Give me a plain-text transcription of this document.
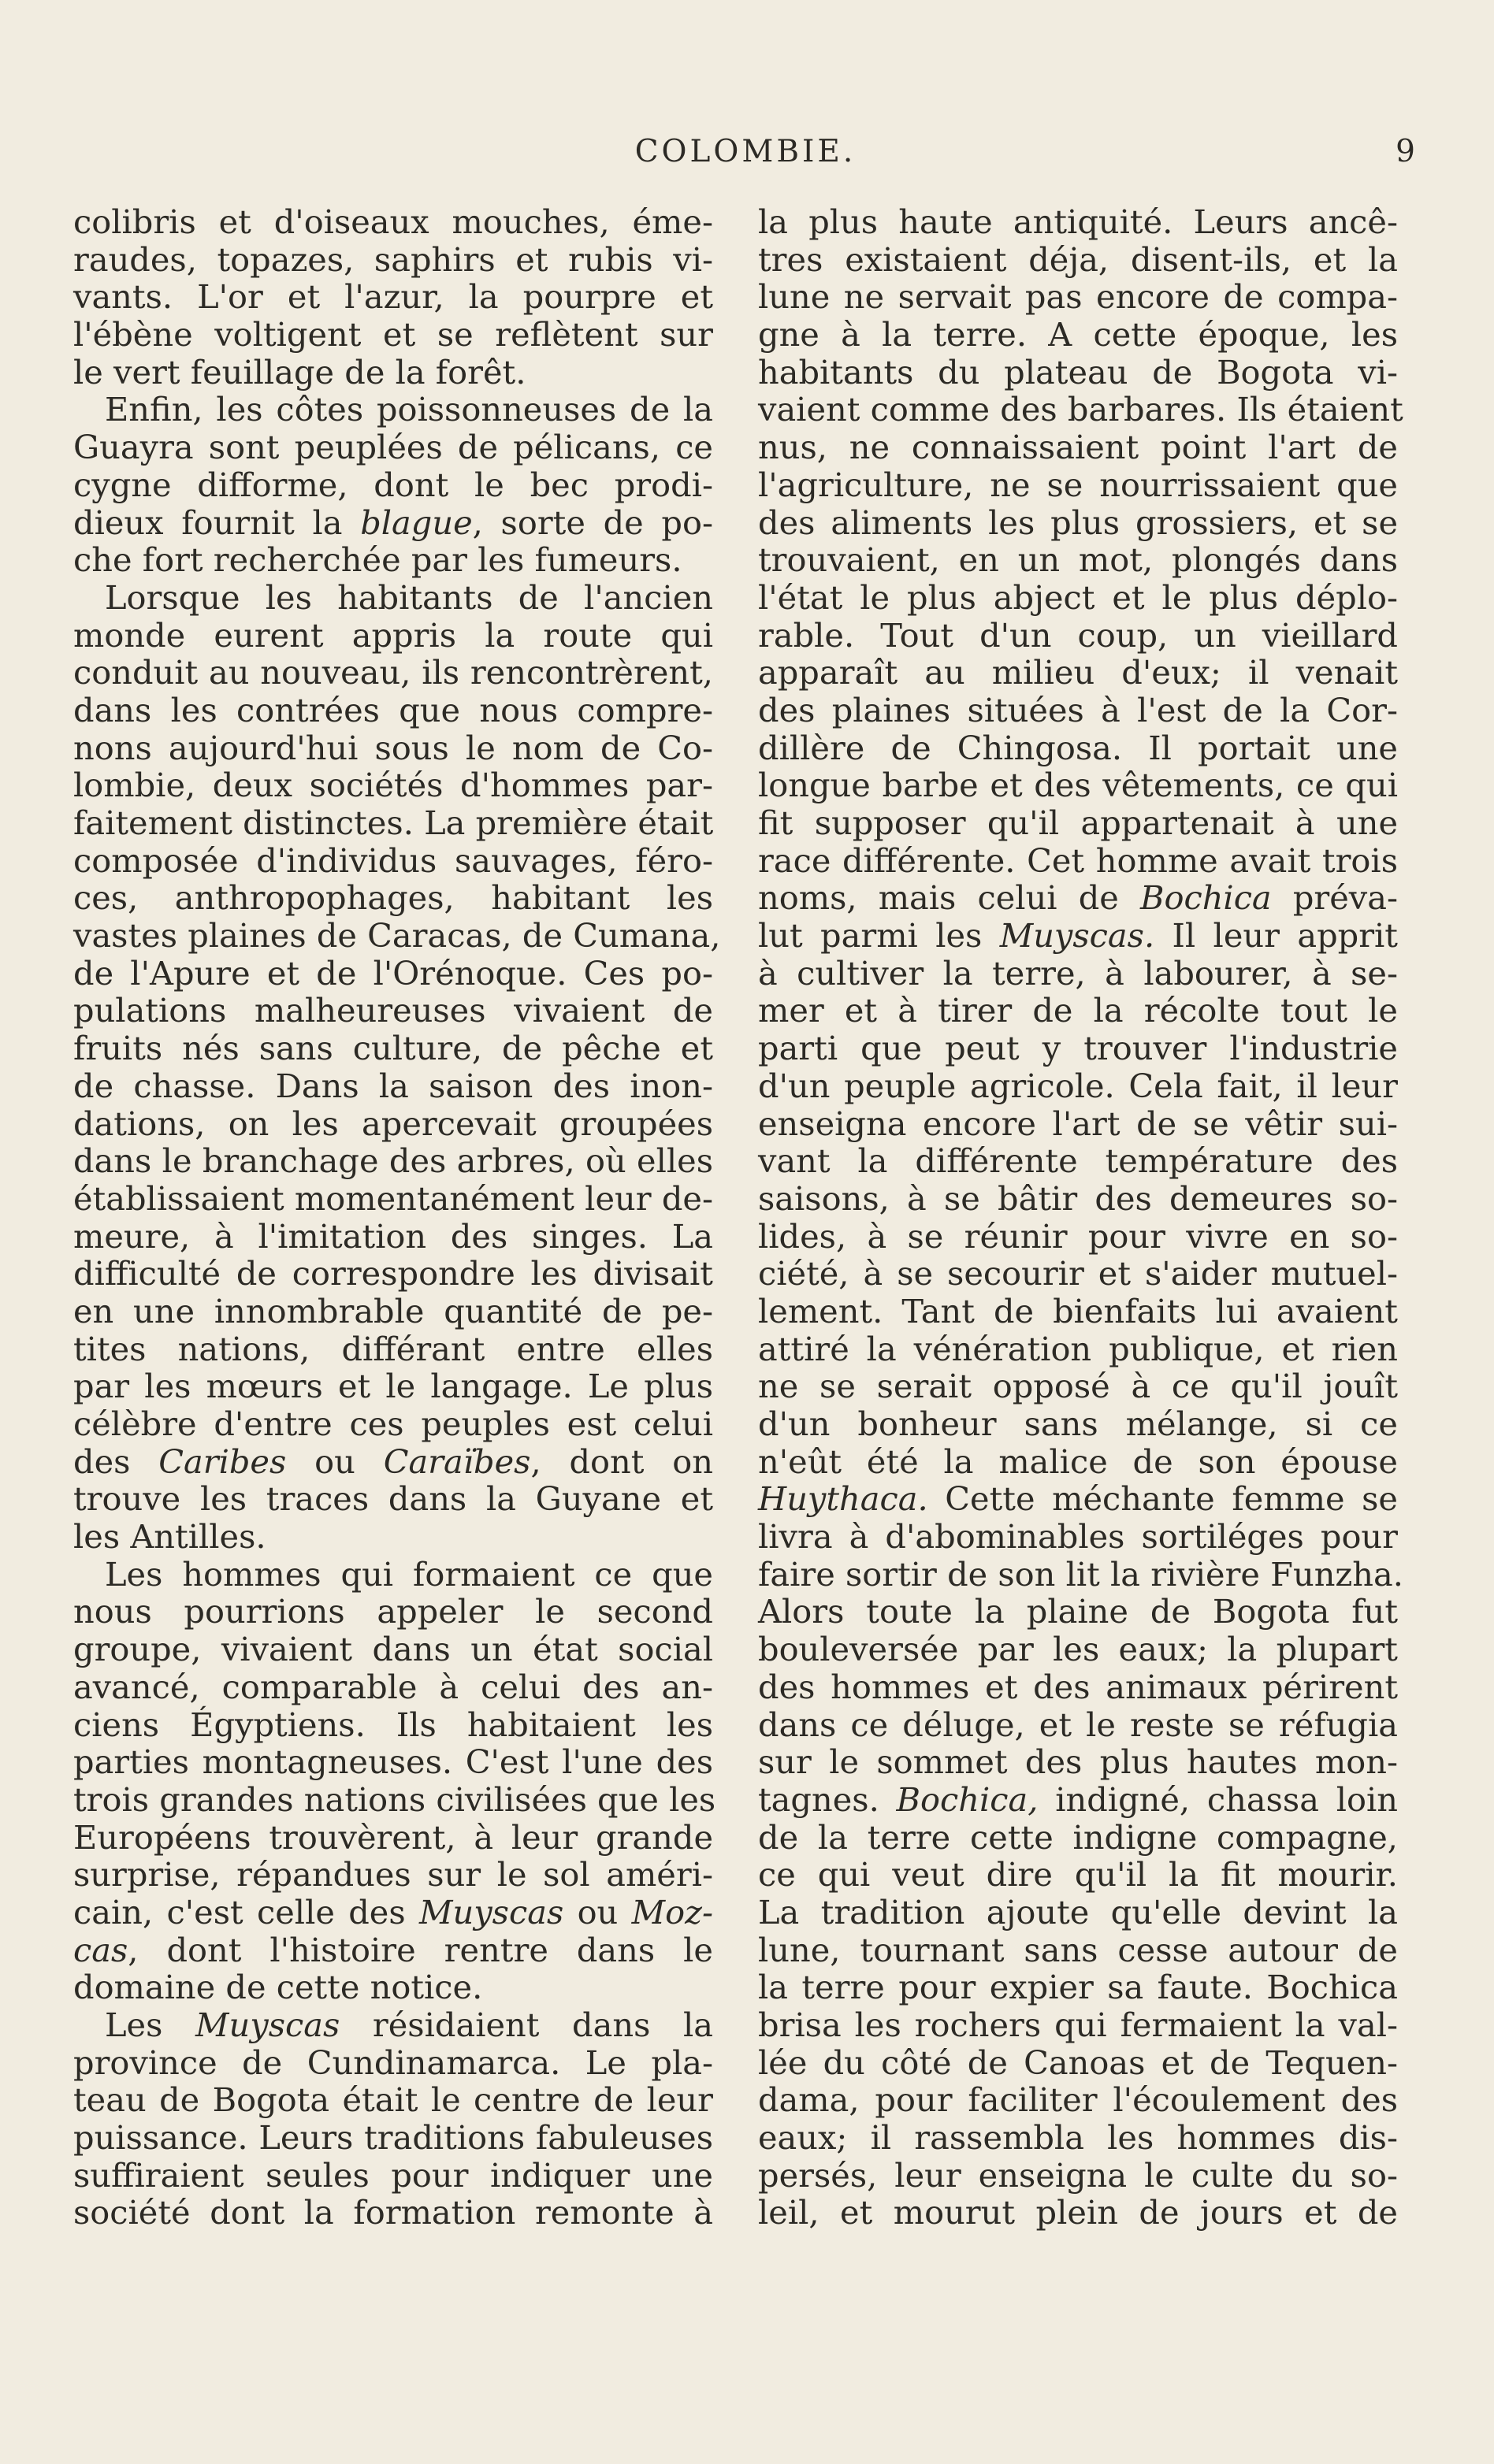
COLOMBIE.	9
colibris et d'oiseaux mouches, éme-
raudes, topazes, saphirs et rubis vi-
vants. L'or et l'azur, la pourpre et
l'ébène voltigent et se reflètent sur
le vert feuillage de la forêt.
Enfin, les côtes poissonneuses de la
Guayra sont peuplées de pélicans, ce
cygne difforme, dont le bec prodi-
dieux fournit la blague, sorte de po-
che fort recherchée par les fumeurs.
Lorsque les habitants de l'ancien
monde eurent appris la route qui
conduit au nouveau, ils rencontrèrent,
dans les contrées que nous compre-
nons aujourd'hui sous le nom de Co-
lombie, deux sociétés d'hommes par-
faitement distinctes. La première était
composée d'individus sauvages, féro-
ces, anthropophages, habitant les
vastes plaines de Caracas, de Cumana,
de l'Apure et de l'Orénoque. Ces po-
pulations malheureuses vivaient de
fruits nés sans culture, de pêche et
de chasse. Dans la saison des inon-
dations, on les apercevait groupées
dans le branchage des arbres, où elles
établissaient momentanément leur de-
meure, à l'imitation des singes. La
difficulté de correspondre les divisait
en une innombrable quantité de pe-
tites nations, différant entre elles
par les mœurs et le langage. Le plus
célèbre d'entre ces peuples est celui
des Caribes ou Caraïbes, dont on
trouve les traces dans la Guyane et
les Antilles.
Les hommes qui formaient ce que
nous pourrions appeler le second
groupe, vivaient dans un état social
avancé, comparable à celui des an-
ciens Égyptiens. Ils habitaient les
parties montagneuses. C'est l'une des
trois grandes nations civilisées que les
Européens trouvèrent, à leur grande
surprise, répandues sur le sol améri-
cain, c'est celle des Muyscas ou Moz-
cas, dont l'histoire rentre dans le
domaine de cette notice.
Les Muyscas résidaient dans la
province de Cundinamarca. Le pla-
teau de Bogota était le centre de leur
puissance. Leurs traditions fabuleuses
suffiraient seules pour indiquer une
société dont la formation remonte à
la plus haute antiquité. Leurs ancê-
tres existaient déja, disent-ils, et la
lune ne servait pas encore de compa-
gne à la terre. A cette époque, les
habitants du plateau de Bogota vi-
vaient comme des barbares. Ils étaient
nus, ne connaissaient point l'art de
l'agriculture, ne se nourrissaient que
des aliments les plus grossiers, et se
trouvaient, en un mot, plongés dans
l'état le plus abject et le plus déplo-
rable. Tout d'un coup, un vieillard
apparaît au milieu d'eux; il venait
des plaines situées à l'est de la Cor-
dillère de Chingosa. Il portait une
longue barbe et des vêtements, ce qui
fit supposer qu'il appartenait à une
race différente. Cet homme avait trois
noms, mais celui de Bochica préva-
lut parmi les Muyscas. Il leur apprit
à cultiver la terre, à labourer, à se-
mer et à tirer de la récolte tout le
parti que peut y trouver l'industrie
d'un peuple agricole. Cela fait, il leur
enseigna encore l'art de se vêtir sui-
vant la différente température des
saisons, à se bâtir des demeures so-
lides, à se réunir pour vivre en so-
ciété, à se secourir et s'aider mutuel-
lement. Tant de bienfaits lui avaient
attiré la vénération publique, et rien
ne se serait opposé à ce qu'il jouît
d'un bonheur sans mélange, si ce
n'eût été la malice de son épouse
Huythaca. Cette méchante femme se
livra à d'abominables sortiléges pour
faire sortir de son lit la rivière Funzha.
Alors toute la plaine de Bogota fut
bouleversée par les eaux; la plupart
des hommes et des animaux périrent
dans ce déluge, et le reste se réfugia
sur le sommet des plus hautes mon-
tagnes. Bochica, indigné, chassa loin
de la terre cette indigne compagne,
ce qui veut dire qu'il la fit mourir.
La tradition ajoute qu'elle devint la
lune, tournant sans cesse autour de
la terre pour expier sa faute. Bochica
brisa les rochers qui fermaient la val-
lée du côté de Canoas et de Tequen-
dama, pour faciliter l'écoulement des
eaux; il rassembla les hommes dis-
persés, leur enseigna le culte du so-
leil, et mourut plein de jours et de
